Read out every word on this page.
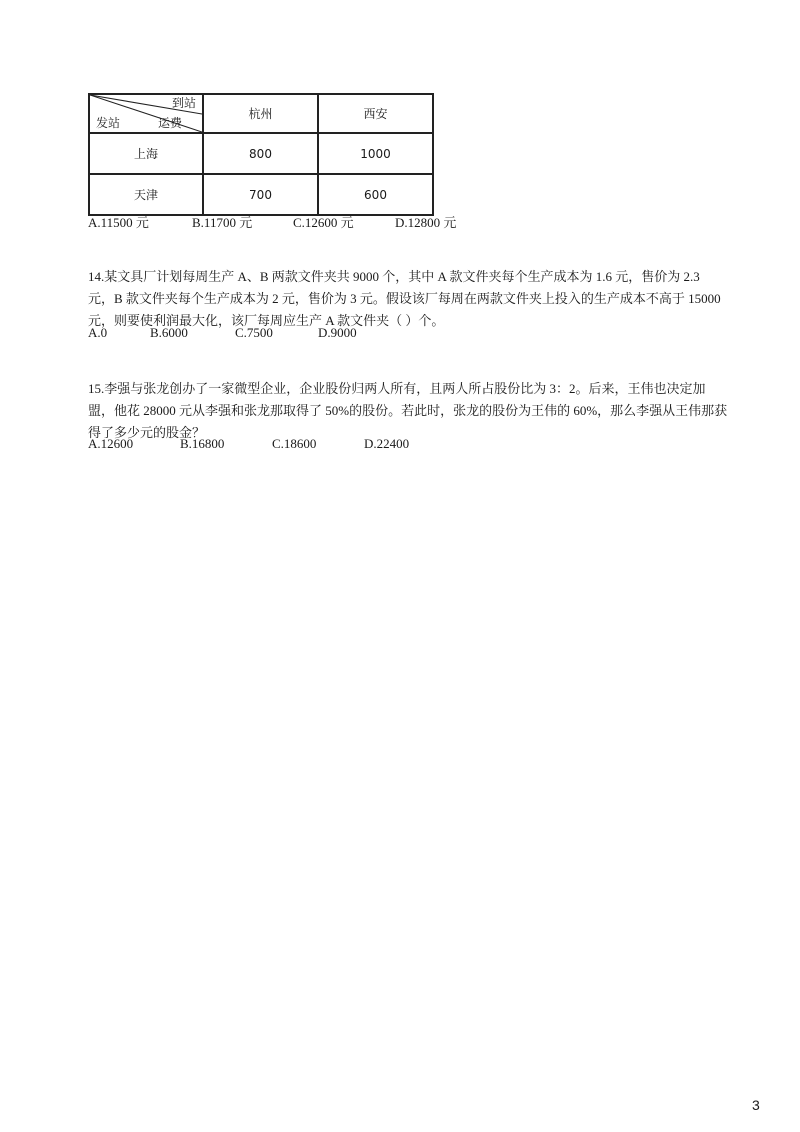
到站
运费
发站	杭州	西安
上海	800	1000
天津	700	600
A.11500 元	B.11700 元	C.12600 元	D.12800 元
14.某文具厂计划每周生产 A、B 两款文件夹共 9000 个，其中 A 款文件夹每个生产成本为 1.6 元，售价为 2.3 元，B 款文件夹每个生产成本为 2 元，售价为 3 元。假设该厂每周在两款文件夹上投入的生产成本不高于 15000 元，则要使利润最大化，该厂每周应生产 A 款文件夹（ ）个。
A.0	B.6000	C.7500	D.9000
15.李强与张龙创办了一家微型企业，企业股份归两人所有，且两人所占股份比为 3：2。后来，王伟也决定加盟，他花 28000 元从李强和张龙那取得了 50%的股份。若此时，张龙的股份为王伟的 60%，那么李强从王伟那获得了多少元的股金？
A.12600	B.16800	C.18600	D.22400
3
